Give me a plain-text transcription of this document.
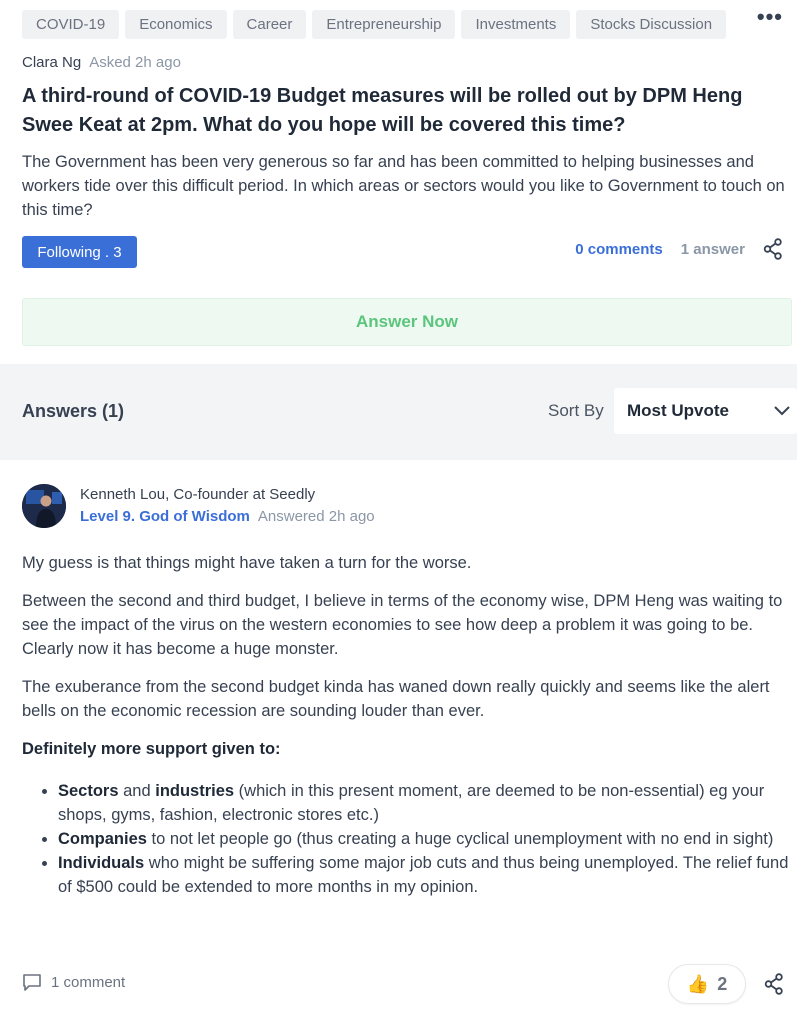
COVID-19	Economics	Career	Entrepreneurship	Investments	Stocks Discussion	•••
Clara Ng Asked 2h ago
A third-round of COVID-19 Budget measures will be rolled out by DPM Heng Swee Keat at 2pm. What do you hope will be covered this time?
The Government has been very generous so far and has been committed to helping businesses and workers tide over this difficult period. In which areas or sectors would you like to Government to touch on this time?
Following . 3	0 comments 1 answer
Answer Now
Answers (1)	Sort By Most Upvote
Kenneth Lou, Co-founder at Seedly
Level 9. God of Wisdom Answered 2h ago

My guess is that things might have taken a turn for the worse.

Between the second and third budget, I believe in terms of the economy wise, DPM Heng was waiting to see the impact of the virus on the western economies to see how deep a problem it was going to be. Clearly now it has become a huge monster.

The exuberance from the second budget kinda has waned down really quickly and seems like the alert bells on the economic recession are sounding louder than ever.

Definitely more support given to:

• Sectors and industries (which in this present moment, are deemed to be non-essential) eg your shops, gyms, fashion, electronic stores etc.)
• Companies to not let people go (thus creating a huge cyclical unemployment with no end in sight)
• Individuals who might be suffering some major job cuts and thus being unemployed. The relief fund of $500 could be extended to more months in my opinion.
1 comment	👍 2
